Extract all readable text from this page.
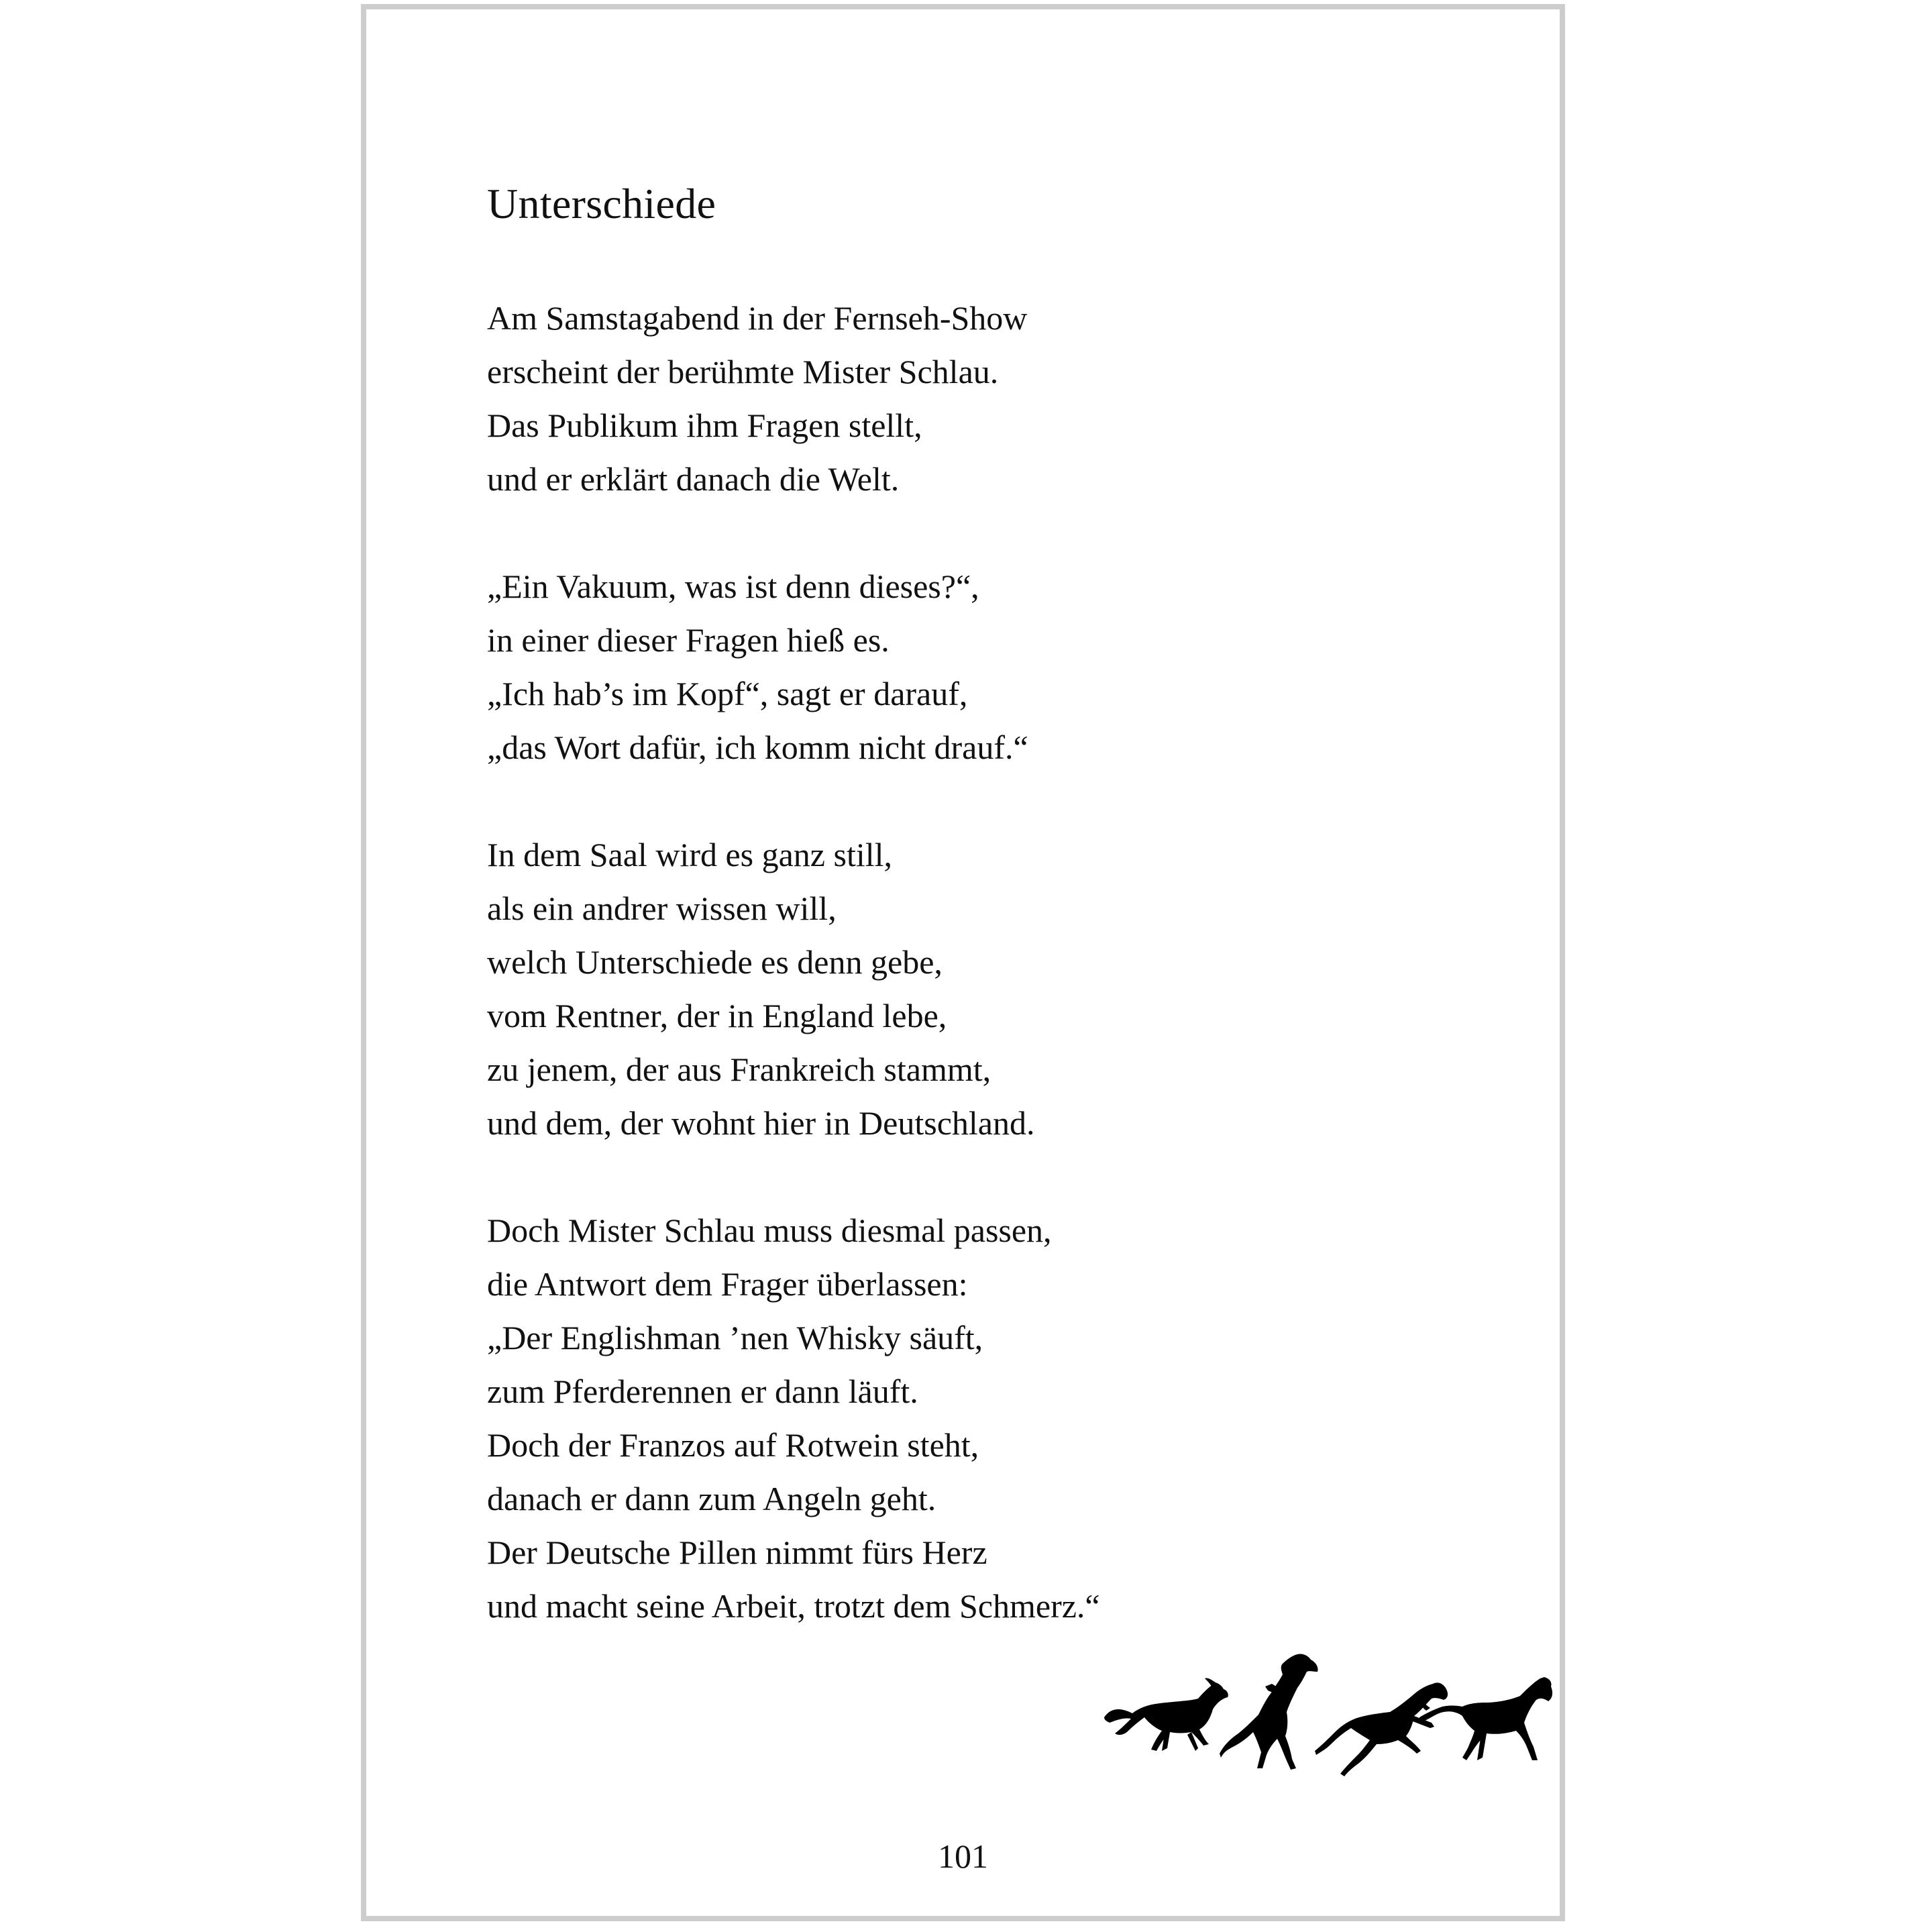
Unterschiede
Am Samstagabend in der Fernseh-Show
erscheint der berühmte Mister Schlau.
Das Publikum ihm Fragen stellt,
und er erklärt danach die Welt.
„Ein Vakuum, was ist denn dieses?“,
in einer dieser Fragen hieß es.
„Ich hab’s im Kopf“, sagt er darauf,
„das Wort dafür, ich komm nicht drauf.“
In dem Saal wird es ganz still,
als ein andrer wissen will,
welch Unterschiede es denn gebe,
vom Rentner, der in England lebe,
zu jenem, der aus Frankreich stammt,
und dem, der wohnt hier in Deutschland.
Doch Mister Schlau muss diesmal passen,
die Antwort dem Frager überlassen:
„Der Englishman ’nen Whisky säuft,
zum Pferderennen er dann läuft.
Doch der Franzos auf Rotwein steht,
danach er dann zum Angeln geht.
Der Deutsche Pillen nimmt fürs Herz
und macht seine Arbeit, trotzt dem Schmerz.“
101
